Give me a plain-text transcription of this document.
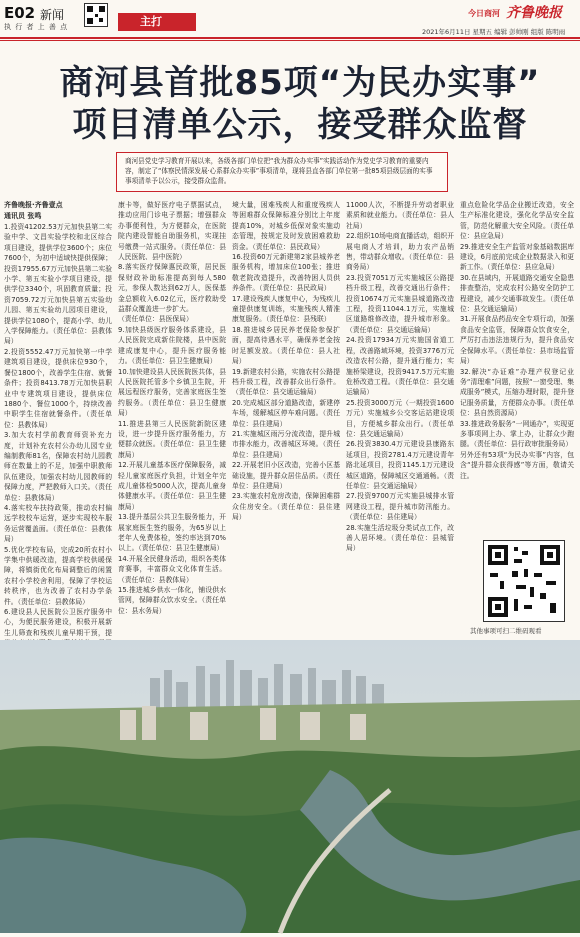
E02 新闻
执 行 者 上 善 点	主打
今日商河 齐鲁晚报
2021年6月11日 星期五 编辑 彭帅刚 组版 陈明雨
商河县首批85项“为民办实事”
项目清单公示，接受群众监督
商河县党史学习教育开展以来，各级各部门单位把“我为群众办实事”实践活动作为党史学习教育的重要内容，制定了“体察民情深发展·心系群众办实事”事项清单，现将县直各部门单位第一批85项县级层面的实事事项清单予以公示，接受群众监督。
齐鲁晚报·齐鲁壹点
通讯员 张鸣
1.投资41202.53万元加快县第二实验中学、文昌实验学校和北区综合项目建设，提供学位3600个；床位7600个，为初中适域快提供保障；投资17955.67万元加快县第二实验小学、第五实验小学项目建设，提供学位3340个，巩固教育质量；投资7059.72万元加快县第五实验幼儿园、第五实验幼儿园项目建设，提供学位1080个，提高小学、幼儿入学保障能力。（责任单位：县教体局）
2.投资5552.47万元加快第一中学建筑项目建设，提供床位930个，餐位1800个，改善学生住宿、就餐条件；投资8413.78万元加快县职业中专建筑项目建设，提供床位1880个、餐位1000个，持续改善中职学生住宿就餐条件。（责任单位：县教体局）
3.加大农村学前教育师资补充力度，计划补充农村公办幼儿园专业编制教师81名，保障农村幼儿园教师在数量上的不足，加强中职教师队伍建设，加强农村幼儿园教师的保障力度，严把教师入口关。（责任单位：县教体局）
4.落实校车扶持政策，推动农村偏远学校校车运营，逐步实现校车服务运营覆盖面。（责任单位：县教体局）
5.优化学校布局，完成20所农村小学集中供暖改造，提高学校供暖保障，将镇街优化布局调整后的闲置农村小学校舍利用，保障了学校运转秩序，也为改善了农村办学条件。（责任单位：县教体局）
6.建设县人民医院公卫医疗服务中心，为便民服务建设，积极开展新生儿筛查和残疾儿童早期干预，提

康卡等，做好医疗电子票据试点，推动应用门诊电子票据；增强群众办事便利性，为方便群众，在医院院内建设智能自助服务机，实现挂号缴费一站式服务。（责任单位：县人民医院、县中医院）
8.落实医疗保障惠民政策，居民医保财政补助标准提高到每人580元，参保人数达到62万人，医保基金总额收入6.02亿元，医疗救助受益群众覆盖进一步扩大。
（责任单位：县医保局）
9.加快县级医疗服务体系建设，县人民医院完成新住院楼，县中医院建成康复中心，提升医疗服务能力。（责任单位：县卫生健康局）
10.加快建设县人民医院医共体，县人民医院托管多个乡镇卫生院，开展远程医疗服务，完善家庭医生签约服务。（责任单位：县卫生健康局）
11.推进县第三人民医院新院区建设，进一步提升医疗服务能力，方便群众就医。（责任单位：县卫生健康局）
12.开展儿童基本医疗保障服务，减轻儿童家庭医疗负担，计划全年完成儿童体检5000人次，提高儿童身体健康水平。（责任单位：县卫生健康局）
13.提升基层公共卫生服务能力，开展家庭医生签约服务，为65岁以上老年人免费体检，签约率达到70%以上。（责任单位：县卫生健康局）
14.开展全民健身活动，组织各类体育赛事，丰富群众文化体育生活。（责任单位：县教体局）
15.推进城乡供水一体化，铺设供水管网，保障群众饮水安全。（责任单位：县水务局）
境大量，困难残疾人和重度残疾人等困难群众保障标准分别比上年度提高10%，对城乡低保对象实施动态管理，按规定及时发放困难救助资金。（责任单位：县民政局）
16.投资60万元新建第2家县城养老服务机构，增加床位100张；推进敬老院改造提升，改善特困人员供养条件。（责任单位：县民政局）
17.建设残疾人康复中心，为残疾儿童提供康复训练，实施残疾人精准康复服务。（责任单位：县残联）
18.推进城乡居民养老保险参保扩面，提高待遇水平，确保养老金按时足额发放。（责任单位：县人社局）
19.新建农村公路，实施农村公路提档升级工程，改善群众出行条件。（责任单位：县交通运输局）
20.完成城区部分道路改造，新建停车场，缓解城区停车难问题。（责任单位：县住建局）
21.实施城区雨污分流改造，提升城市排水能力，改善城区环境。（责任单位：县住建局）
22.开展老旧小区改造，完善小区基础设施，提升群众居住品质。（责任单位：县住建局）
23.实施农村危房改造，保障困难群众住房安全。（责任单位：县住建局）
11000人次，不断提升劳动者职业素质和就业能力。（责任单位：县人社局）
22.组织10场电商直播活动，组织开展电商人才培训，助力农产品销售，带动群众增收。（责任单位：县商务局）
23.投资7051万元实施城区公路提档升级工程，改善交通出行条件；投资10674万元实施县城道路改造工程，投资11044.1万元，实施城区道路维修改造，提升城市形象。（责任单位：县交通运输局）
24.投资17934万元实施国省道工程，改善路域环境，投资3776万元改造农村公路，提升通行能力；实施桥梁建设，投资9417.5万元实施危桥改造工程。（责任单位：县交通运输局）
25.投资3000万元（一期投资1600万元）实施城乡公交客运站建设项目，方便城乡群众出行。（责任单位：县交通运输局）
26.投资3830.4万元建设县康路东延项目，投资2781.4万元建设青年路北延项目，投资1145.1万元建设城区道路，保障城区交通通畅。（责任单位：县交通运输局）
27.投资9700万元实施县城排水管网建设工程，提升城市防汛能力。（责任单位：县住建局）
28.实施生活垃圾分类试点工作，改善人居环境。（责任单位：县城管局）
重点危险化学品企业搬迁改造，安全生产标准化建设，强化化学品安全监管，防范化解重大安全风险。（责任单位：县应急局）
29.推进安全生产监管对象基础数据库建设，6月底前完成企业数据录入和更新工作。（责任单位：县应急局）
30.在县域内，开展道路交通安全隐患排查整治，完成农村公路安全防护工程建设，减少交通事故发生。（责任单位：县交通运输局）
31.开展食品药品安全专项行动，加强食品安全监管，保障群众饮食安全，严厉打击违法违规行为，提升食品安全保障水平。（责任单位：县市场监管局）
32.解决“办证难”办理产权登记业务“清理难”问题，按照“一窗受理、集成服务”模式，压缩办理时限，提升登记服务质量，方便群众办事。（责任单位：县自然资源局）
33.推进政务服务“一网通办”，实现更多事项网上办、掌上办，让群众少跑腿。（责任单位：县行政审批服务局）
另外还有53项“为民办实事”内容，包含“提升群众获得感”等方面，敬请关注。
其他事项可扫二维码观看
